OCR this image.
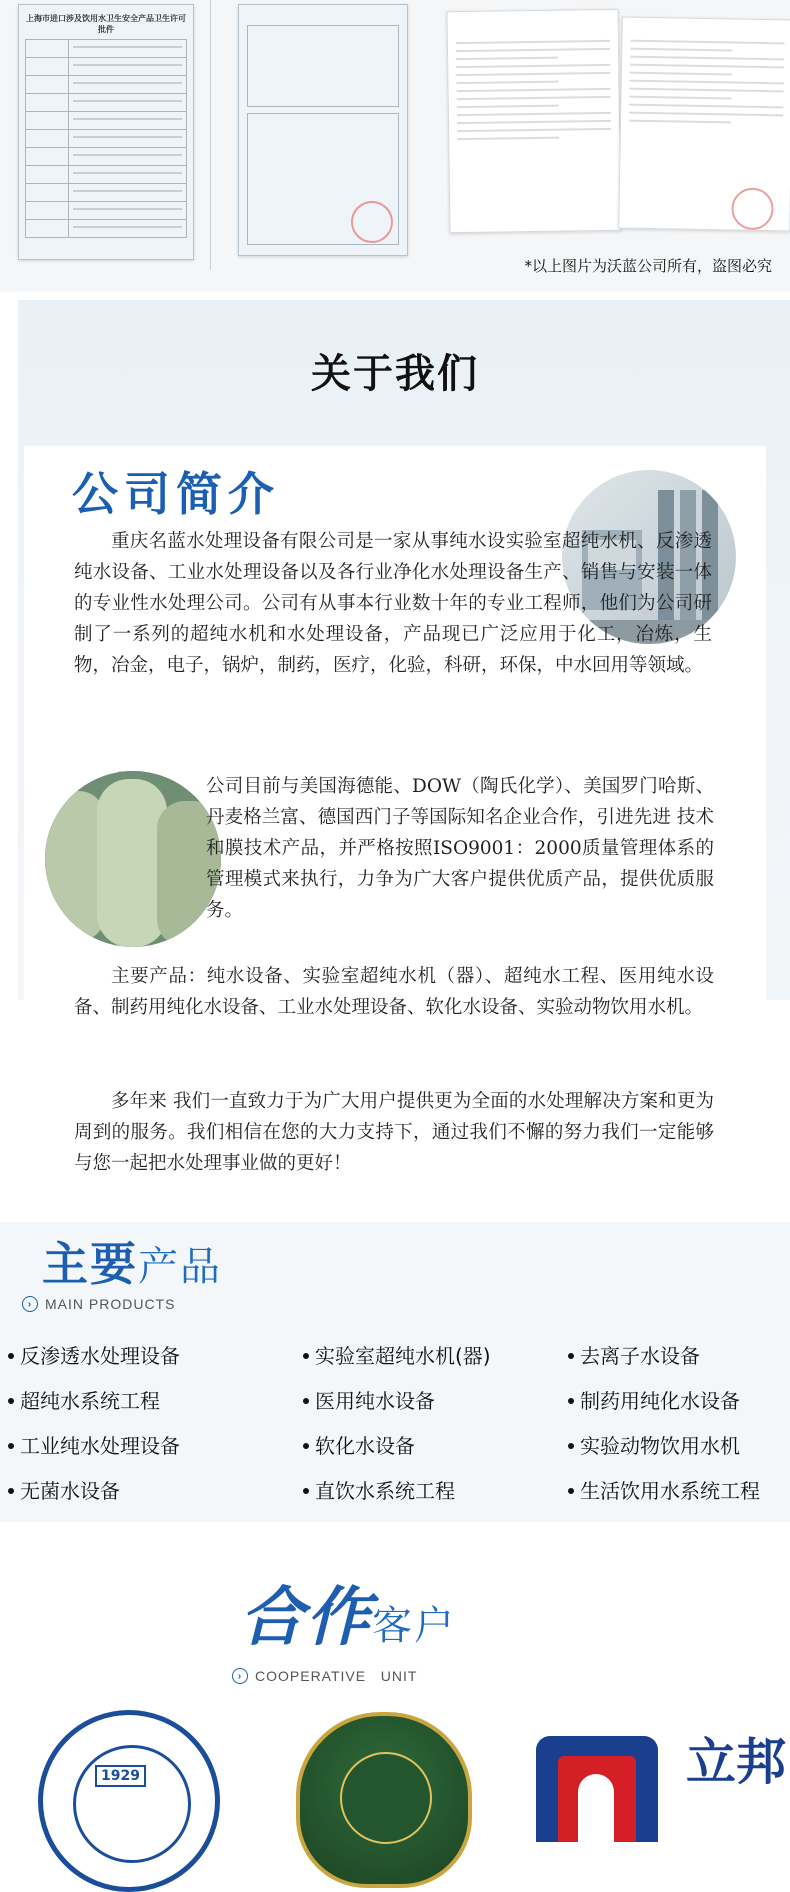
上海市进口涉及饮用水卫生安全产品卫生许可批件
*以上图片为沃蓝公司所有，盗图必究
关于我们
公司简介

重庆名蓝水处理设备有限公司是一家从事纯水设实验室超纯水机、反渗透纯水设备、工业水处理设备以及各行业净化水处理设备生产、销售与安装一体的专业性水处理公司。公司有从事本行业数十年的专业工程师，他们为公司研制了一系列的超纯水机和水处理设备，产品现已广泛应用于化工，冶炼，生物，冶金，电子，锅炉，制药，医疗，化验，科研，环保，中水回用等领域。

公司目前与美国海德能、DOW（陶氏化学）、美国罗门哈斯、丹麦格兰富、德国西门子等国际知名企业合作，引进先进 技术和膜技术产品，并严格按照ISO9001：2000质量管理体系的管理模式来执行，力争为广大客户提供优质产品，提供优质服务。

主要产品：纯水设备、实验室超纯水机（器）、超纯水工程、医用纯水设备、制药用纯化水设备、工业水处理设备、软化水设备、实验动物饮用水机。

多年来 我们一直致力于为广大用户提供更为全面的水处理解决方案和更为周到的服务。我们相信在您的大力支持下，通过我们不懈的努力我们一定能够与您一起把水处理事业做的更好！

主要产品
› MAIN PRODUCTS
反渗透水处理设备	实验室超纯水机(器)	去离子水设备
超纯水系统工程	医用纯水设备	制药用纯化水设备
工业纯水处理设备	软化水设备	实验动物饮用水机
无菌水设备	直饮水系统工程	生活饮用水系统工程
合作客户
› COOPERATIVE   UNIT
1929	立邦
